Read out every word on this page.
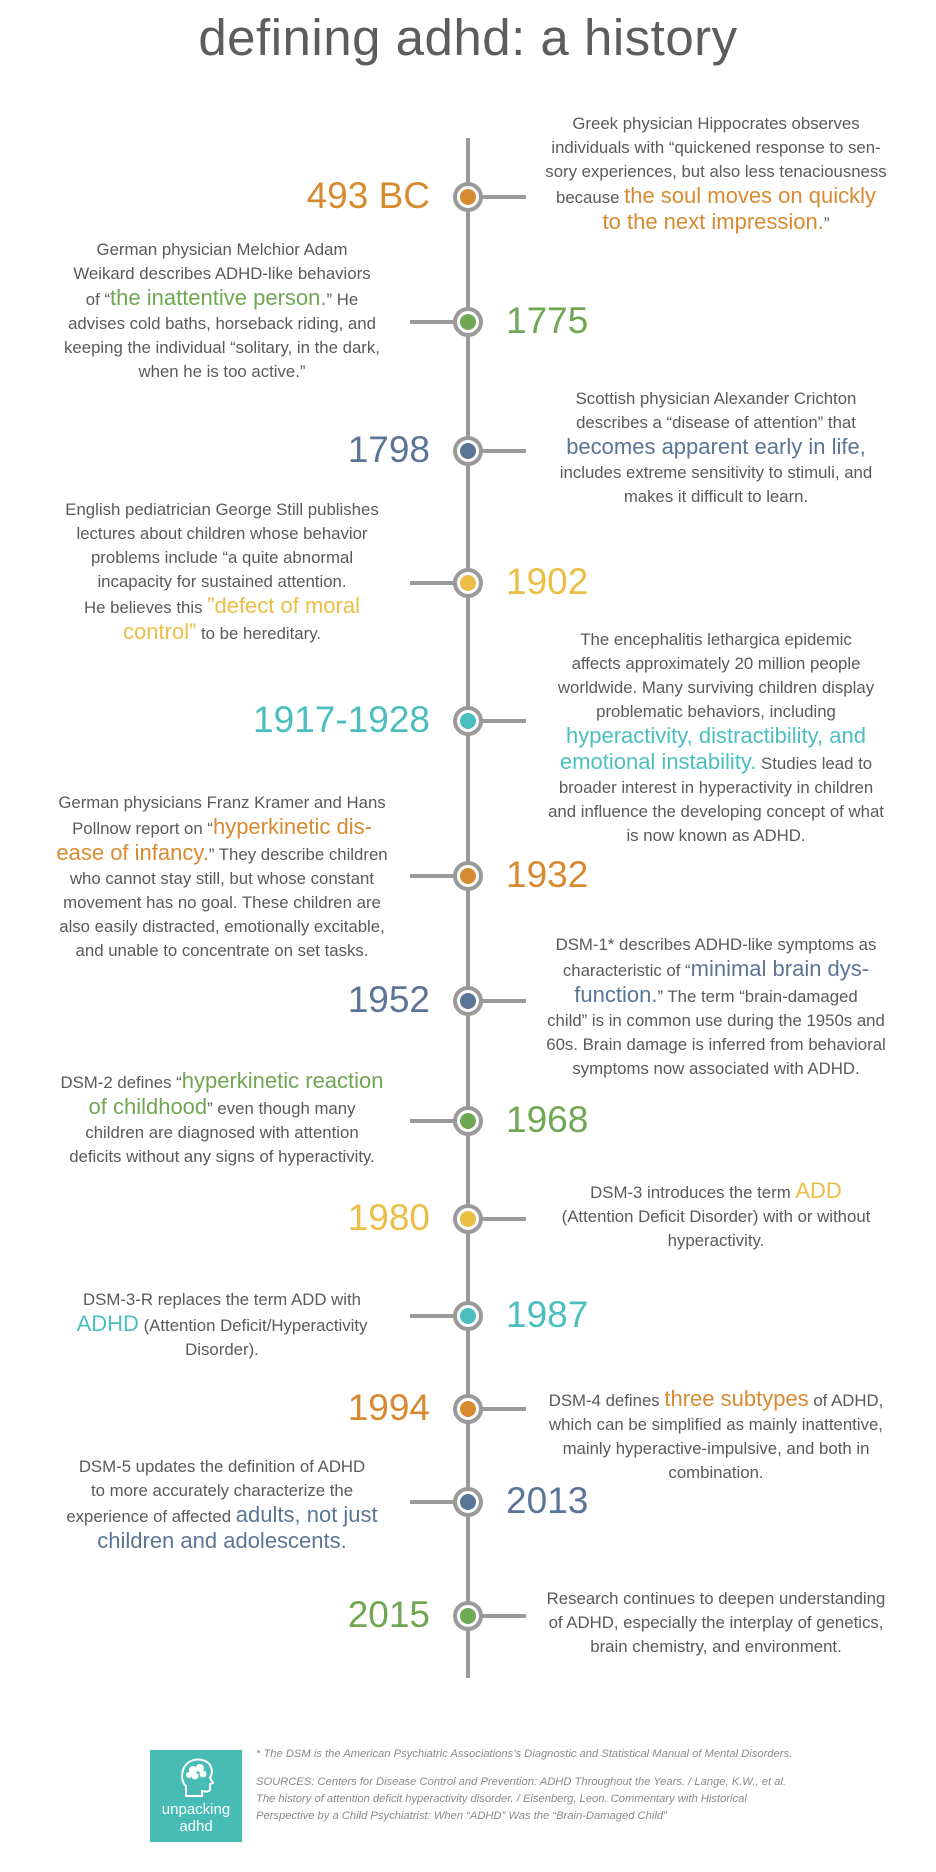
defining adhd: a history
493 BC
Greek physician Hippocrates observes
individuals with “quickened response to sen-
sory experiences, but also less tenaciousness
because the soul moves on quickly
to the next impression.”
1775
German physician Melchior Adam
Weikard describes ADHD-like behaviors
of “the inattentive person.” He
advises cold baths, horseback riding, and
keeping the individual “solitary, in the dark,
when he is too active.”
1798
Scottish physician Alexander Crichton
describes a “disease of attention” that
becomes apparent early in life,
includes extreme sensitivity to stimuli, and
makes it difficult to learn.
1902
English pediatrician George Still publishes
lectures about children whose behavior
problems include “a quite abnormal
incapacity for sustained attention.
He believes this ”defect of moral
control” to be hereditary.
1917-1928
The encephalitis lethargica epidemic
affects approximately 20 million people
worldwide. Many surviving children display
problematic behaviors, including
hyperactivity, distractibility, and
emotional instability. Studies lead to
broader interest in hyperactivity in children
and influence the developing concept of what
is now known as ADHD.
1932
German physicians Franz Kramer and Hans
Pollnow report on “hyperkinetic dis-
ease of infancy.” They describe children
who cannot stay still, but whose constant
movement has no goal. These children are
also easily distracted, emotionally excitable,
and unable to concentrate on set tasks.
1952
DSM-1* describes ADHD-like symptoms as
characteristic of “minimal brain dys-
function.” The term “brain-damaged
child” is in common use during the 1950s and
60s. Brain damage is inferred from behavioral
symptoms now associated with ADHD.
1968
DSM-2 defines “hyperkinetic reaction
of childhood” even though many
children are diagnosed with attention
deficits without any signs of hyperactivity.
1980
DSM-3 introduces the term ADD
(Attention Deficit Disorder) with or without
hyperactivity.
1987
DSM-3-R replaces the term ADD with
ADHD (Attention Deficit/Hyperactivity
Disorder).
1994	DSM-4 defines three subtypes of ADHD,
which can be simplified as mainly inattentive,
mainly hyperactive-impulsive, and both in
combination.
2013
DSM-5 updates the definition of ADHD
to more accurately characterize the
experience of affected adults, not just
children and adolescents.
2015	Research continues to deepen understanding
of ADHD, especially the interplay of genetics,
brain chemistry, and environment.
unpacking
adhd
* The DSM is the American Psychiatric Associations’s Diagnostic and Statistical Manual of Mental Disorders.
SOURCES: Centers for Disease Control and Prevention: ADHD Throughout the Years. / Lange, K.W., et al.
The history of attention deficit hyperactivity disorder. / Eisenberg, Leon. Commentary with Historical
Perspective by a Child Psychiatrist: When “ADHD” Was the “Brain-Damaged Child”
